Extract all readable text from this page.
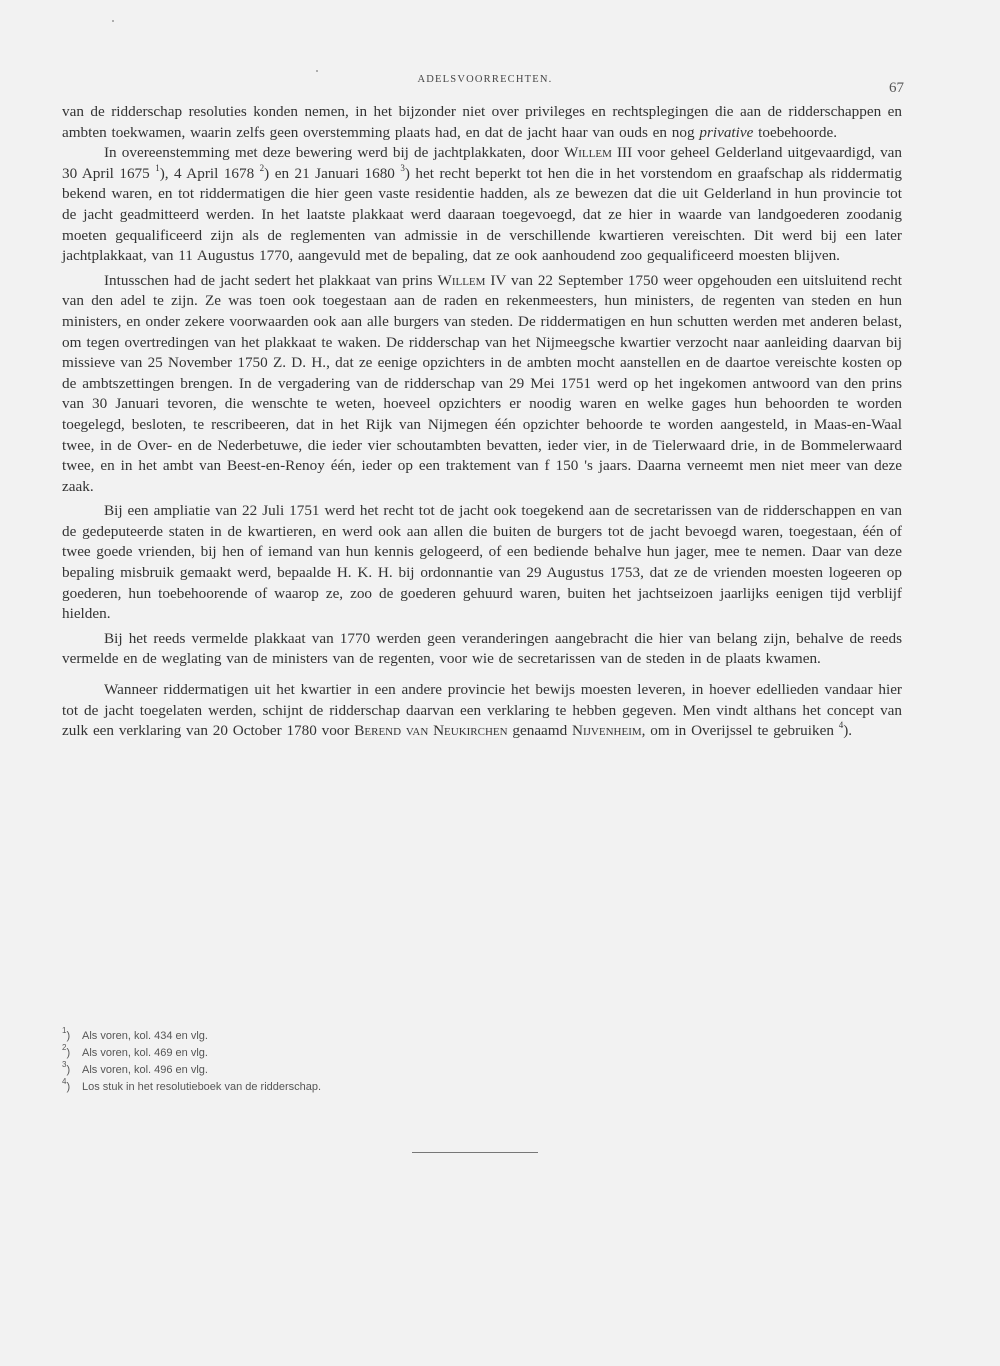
ADELSVOORRECHTEN.
67

van de ridderschap resoluties konden nemen, in het bijzonder niet over privileges en rechtsplegingen die aan de ridderschappen en ambten toekwamen, waarin zelfs geen overstemming plaats had, en dat de jacht haar van ouds en nog privative toebehoorde.

In overeenstemming met deze bewering werd bij de jachtplakkaten, door Willem III voor geheel Gelderland uitgevaardigd, van 30 April 1675 $^1$), 4 April 1678 $^2$) en 21 Januari 1680 $^3$) het recht beperkt tot hen die in het vorstendom en graafschap als riddermatig bekend waren, en tot riddermatigen die hier geen vaste residentie hadden, als ze bewezen dat die uit Gelderland in hun provincie tot de jacht geadmitteerd werden. In het laatste plakkaat werd daaraan toegevoegd, dat ze hier in waarde van landgoederen zoodanig moeten gequalificeerd zijn als de reglementen van admissie in de verschillende kwartieren vereischten. Dit werd bij een later jachtplakkaat, van 11 Augustus 1770, aangevuld met de bepaling, dat ze ook aanhoudend zoo gequalificeerd moesten blijven.

Intusschen had de jacht sedert het plakkaat van prins Willem IV van 22 September 1750 weer opgehouden een uitsluitend recht van den adel te zijn. Ze was toen ook toegestaan aan de raden en rekenmeesters, hun ministers, de regenten van steden en hun ministers, en onder zekere voorwaarden ook aan alle burgers van steden. De riddermatigen en hun schutten werden met anderen belast, om tegen overtredingen van het plakkaat te waken. De ridderschap van het Nijmeegsche kwartier verzocht naar aanleiding daarvan bij missieve van 25 November 1750 Z. D. H., dat ze eenige opzichters in de ambten mocht aanstellen en de daartoe vereischte kosten op de ambtszettingen brengen. In de vergadering van de ridderschap van 29 Mei 1751 werd op het ingekomen antwoord van den prins van 30 Januari tevoren, die wenschte te weten, hoeveel opzichters er noodig waren en welke gages hun behoorden te worden toegelegd, besloten, te rescribeeren, dat in het Rijk van Nijmegen één opzichter behoorde te worden aangesteld, in Maas-en-Waal twee, in de Over- en de Nederbetuwe, die ieder vier schoutambten bevatten, ieder vier, in de Tielerwaard drie, in de Bommelerwaard twee, en in het ambt van Beest-en-Renoy één, ieder op een traktement van f 150 's jaars. Daarna verneemt men niet meer van deze zaak.

Bij een ampliatie van 22 Juli 1751 werd het recht tot de jacht ook toegekend aan de secretarissen van de ridderschappen en van de gedeputeerde staten in de kwartieren, en werd ook aan allen die buiten de burgers tot de jacht bevoegd waren, toegestaan, één of twee goede vrienden, bij hen of iemand van hun kennis gelogeerd, of een bediende behalve hun jager, mee te nemen. Daar van deze bepaling misbruik gemaakt werd, bepaalde H. K. H. bij ordonnantie van 29 Augustus 1753, dat ze de vrienden moesten logeeren op goederen, hun toebehoorende of waarop ze, zoo de goederen gehuurd waren, buiten het jachtseizoen jaarlijks eenigen tijd verblijf hielden.

Bij het reeds vermelde plakkaat van 1770 werden geen veranderingen aangebracht die hier van belang zijn, behalve de reeds vermelde en de weglating van de ministers van de regenten, voor wie de secretarissen van de steden in de plaats kwamen.

Wanneer riddermatigen uit het kwartier in een andere provincie het bewijs moesten leveren, in hoever edellieden vandaar hier tot de jacht toegelaten werden, schijnt de ridderschap daarvan een verklaring te hebben gegeven. Men vindt althans het concept van zulk een verklaring van 20 October 1780 voor Berend van Neukirchen genaamd Nijvenheim, om in Overijssel te gebruiken $^4$).

$^1$) Als voren, kol. 434 en vlg.
$^2$) Als voren, kol. 469 en vlg.
$^3$) Als voren, kol. 496 en vlg.
$^4$) Los stuk in het resolutieboek van de ridderschap.
